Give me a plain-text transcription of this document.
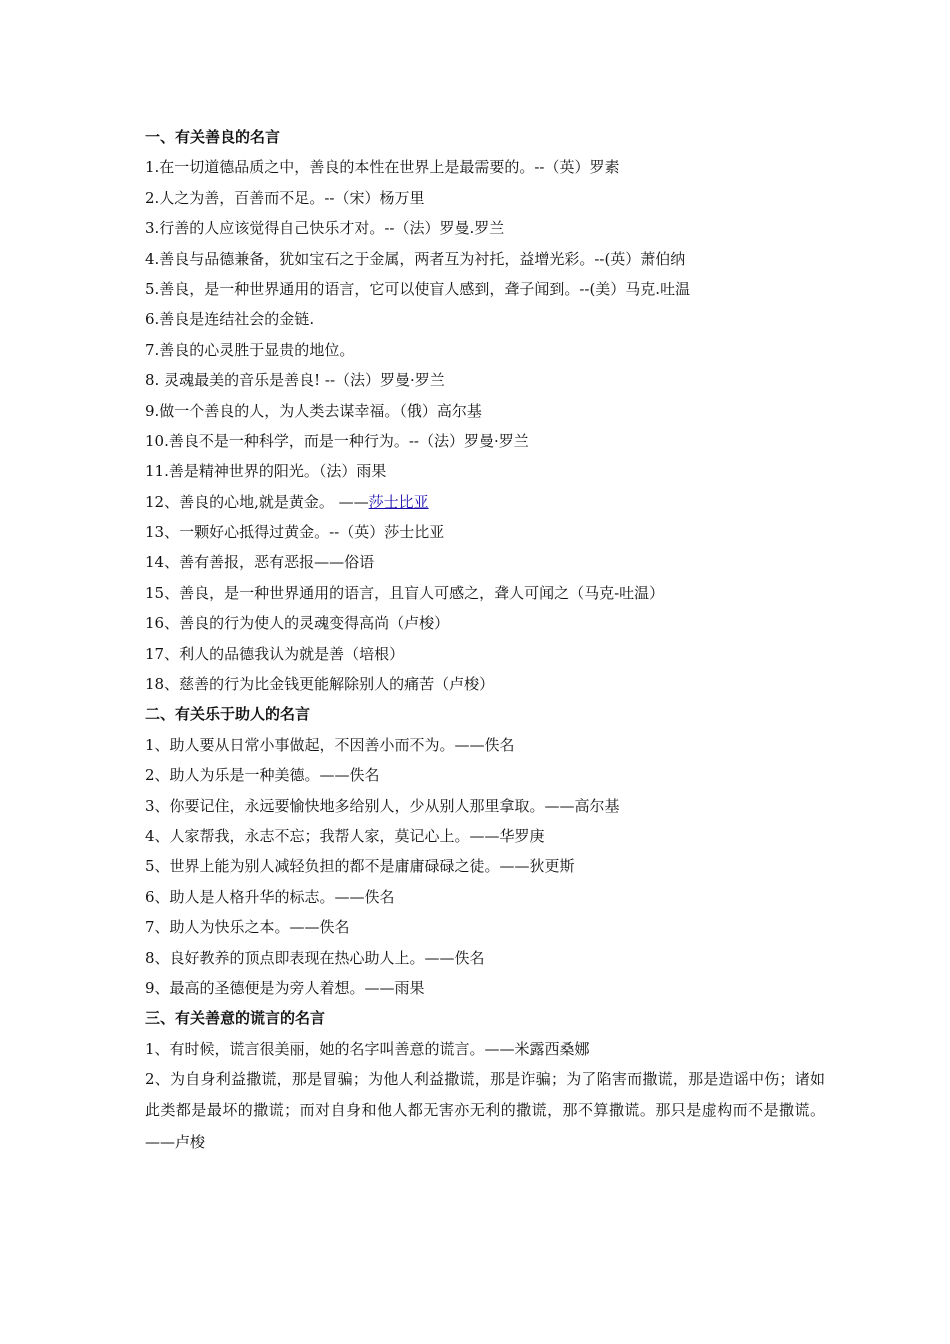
一、有关善良的名言
1.在一切道德品质之中，善良的本性在世界上是最需要的。--（英）罗素
2.人之为善，百善而不足。--（宋）杨万里
3.行善的人应该觉得自己快乐才对。--（法）罗曼.罗兰
4.善良与品德兼备，犹如宝石之于金属，两者互为衬托，益增光彩。--(英）萧伯纳
5.善良，是一种世界通用的语言，它可以使盲人感到，聋子闻到。--(美）马克.吐温
6.善良是连结社会的金链.
7.善良的心灵胜于显贵的地位。
8. 灵魂最美的音乐是善良! --（法）罗曼·罗兰
9.做一个善良的人，为人类去谋幸福。（俄）高尔基
10.善良不是一种科学，而是一种行为。--（法）罗曼·罗兰
11.善是精神世界的阳光。（法）雨果
12、善良的心地,就是黄金。 ——莎士比亚
13、一颗好心抵得过黄金。--（英）莎士比亚
14、善有善报，恶有恶报——俗语
15、善良，是一种世界通用的语言，且盲人可感之，聋人可闻之（马克-吐温）
16、善良的行为使人的灵魂变得高尚（卢梭）
17、利人的品德我认为就是善（培根）
18、慈善的行为比金钱更能解除别人的痛苦（卢梭）
二、有关乐于助人的名言
1、助人要从日常小事做起，不因善小而不为。——佚名
2、助人为乐是一种美德。——佚名
3、你要记住，永远要愉快地多给别人，少从别人那里拿取。——高尔基
4、人家帮我，永志不忘；我帮人家，莫记心上。——华罗庚
5、世界上能为别人减轻负担的都不是庸庸碌碌之徒。——狄更斯
6、助人是人格升华的标志。——佚名
7、助人为快乐之本。——佚名
8、良好教养的顶点即表现在热心助人上。——佚名
9、最高的圣德便是为旁人着想。——雨果
三、有关善意的谎言的名言
1、有时候，谎言很美丽，她的名字叫善意的谎言。——米露西桑娜
2、为自身利益撒谎，那是冒骗；为他人利益撒谎，那是诈骗；为了陷害而撒谎，那是造谣中伤；诸如此类都是最坏的撒谎；而对自身和他人都无害亦无利的撒谎，那不算撒谎。那只是虚构而不是撒谎。——卢梭
